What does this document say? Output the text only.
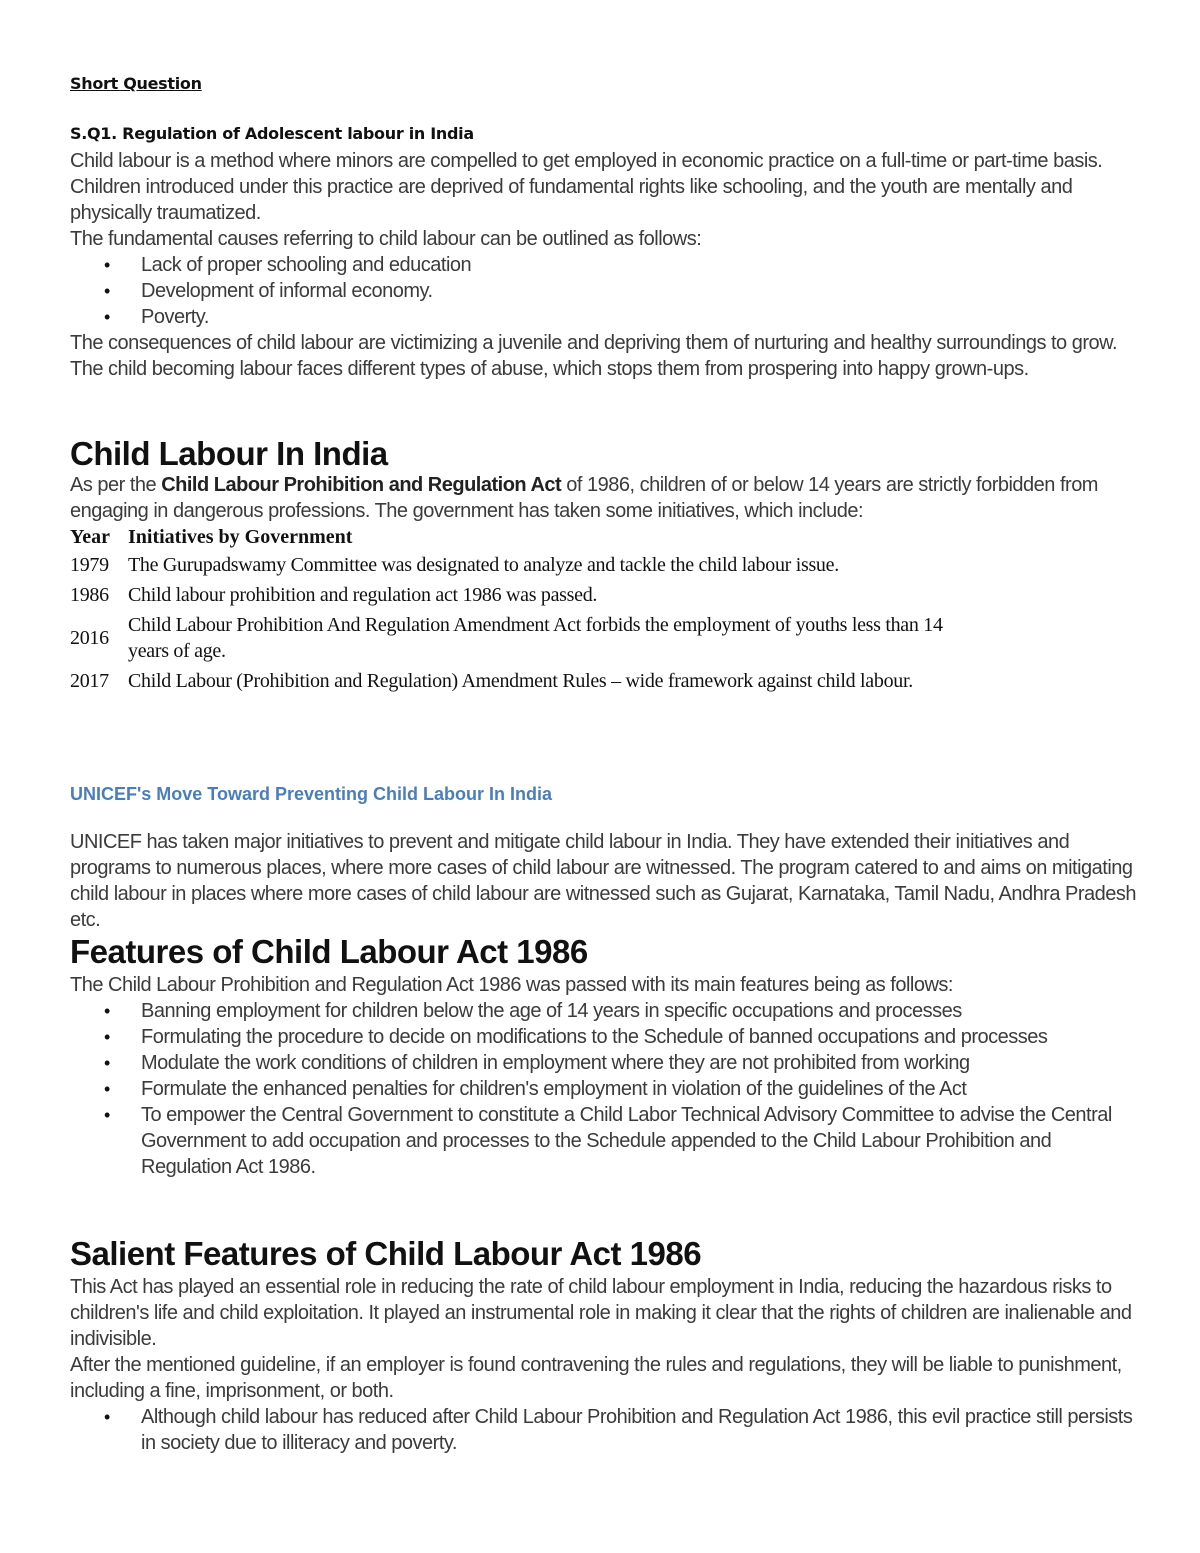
Short Question
S.Q1. Regulation of Adolescent labour in India

Child labour is a method where minors are compelled to get employed in economic practice on a full-time or part-time basis. Children introduced under this practice are deprived of fundamental rights like schooling, and the youth are mentally and physically traumatized.

The fundamental causes referring to child labour can be outlined as follows:

• Lack of proper schooling and education
• Development of informal economy.
• Poverty.

The consequences of child labour are victimizing a juvenile and depriving them of nurturing and healthy surroundings to grow. The child becoming labour faces different types of abuse, which stops them from prospering into happy grown-ups.

Child Labour In India

As per the Child Labour Prohibition and Regulation Act of 1986, children of or below 14 years are strictly forbidden from engaging in dangerous professions. The government has taken some initiatives, which include:

Year	Initiatives by Government
1979	The Gurupadswamy Committee was designated to analyze and tackle the child labour issue.
1986	Child labour prohibition and regulation act 1986 was passed.
2016	Child Labour Prohibition And Regulation Amendment Act forbids the employment of youths less than 14 years of age.
2017	Child Labour (Prohibition and Regulation) Amendment Rules – wide framework against child labour.
UNICEF's Move Toward Preventing Child Labour In India

UNICEF has taken major initiatives to prevent and mitigate child labour in India. They have extended their initiatives and programs to numerous places, where more cases of child labour are witnessed. The program catered to and aims on mitigating child labour in places where more cases of child labour are witnessed such as Gujarat, Karnataka, Tamil Nadu, Andhra Pradesh etc.

Features of Child Labour Act 1986

The Child Labour Prohibition and Regulation Act 1986 was passed with its main features being as follows:

• Banning employment for children below the age of 14 years in specific occupations and processes
• Formulating the procedure to decide on modifications to the Schedule of banned occupations and processes
• Modulate the work conditions of children in employment where they are not prohibited from working
• Formulate the enhanced penalties for children's employment in violation of the guidelines of the Act
• To empower the Central Government to constitute a Child Labor Technical Advisory Committee to advise the Central Government to add occupation and processes to the Schedule appended to the Child Labour Prohibition and Regulation Act 1986.
Salient Features of Child Labour Act 1986

This Act has played an essential role in reducing the rate of child labour employment in India, reducing the hazardous risks to children's life and child exploitation. It played an instrumental role in making it clear that the rights of children are inalienable and indivisible.

After the mentioned guideline, if an employer is found contravening the rules and regulations, they will be liable to punishment, including a fine, imprisonment, or both.

• Although child labour has reduced after Child Labour Prohibition and Regulation Act 1986, this evil practice still persists in society due to illiteracy and poverty.
